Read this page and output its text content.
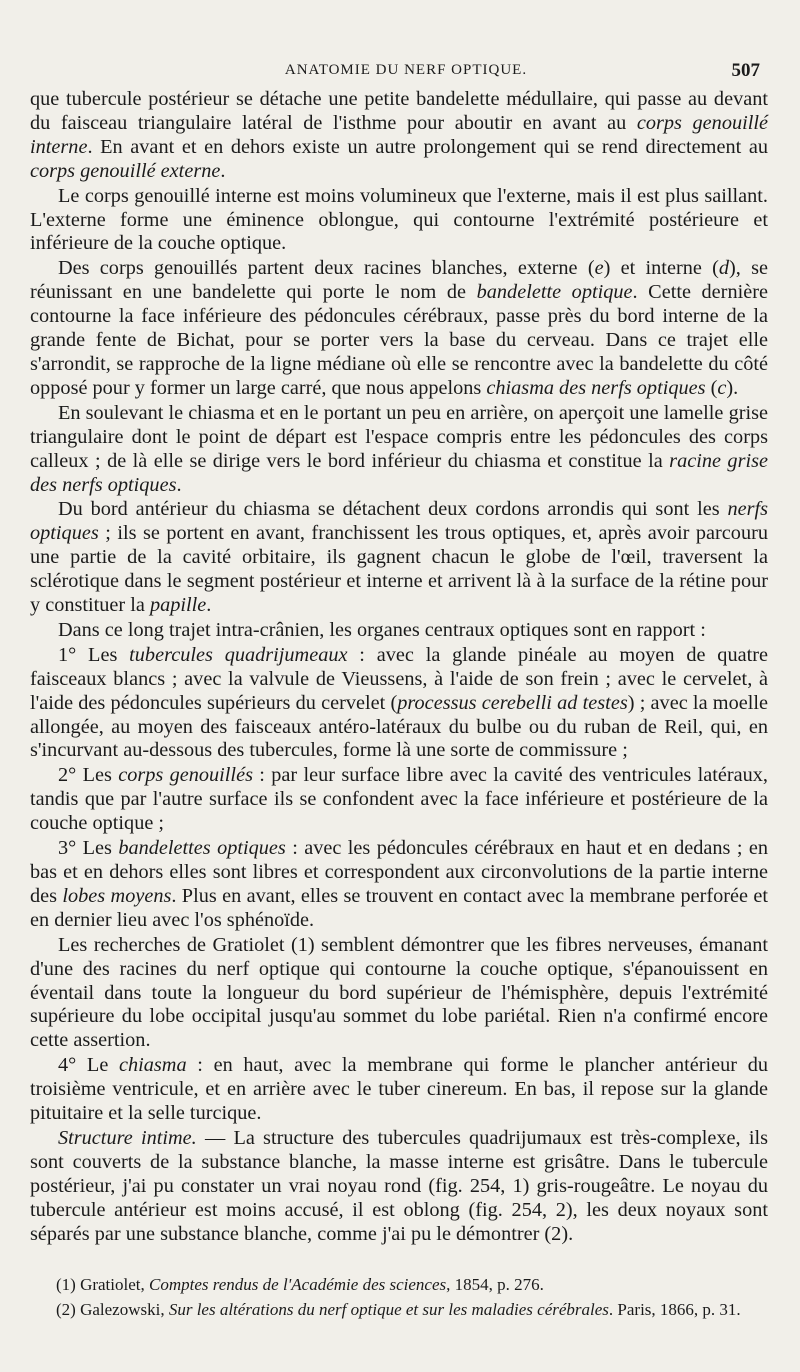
ANATOMIE DU NERF OPTIQUE.	507

que tubercule postérieur se détache une petite bandelette médullaire, qui passe au devant du faisceau triangulaire latéral de l'isthme pour aboutir en avant au corps genouillé interne. En avant et en dehors existe un autre prolongement qui se rend directement au corps genouillé externe.

Le corps genouillé interne est moins volumineux que l'externe, mais il est plus saillant. L'externe forme une éminence oblongue, qui contourne l'extrémité postérieure et inférieure de la couche optique.

Des corps genouillés partent deux racines blanches, externe (e) et interne (d), se réunissant en une bandelette qui porte le nom de bandelette optique. Cette dernière contourne la face inférieure des pédoncules cérébraux, passe près du bord interne de la grande fente de Bichat, pour se porter vers la base du cerveau. Dans ce trajet elle s'arrondit, se rapproche de la ligne médiane où elle se rencontre avec la bandelette du côté opposé pour y former un large carré, que nous appelons chiasma des nerfs optiques (c).

En soulevant le chiasma et en le portant un peu en arrière, on aperçoit une lamelle grise triangulaire dont le point de départ est l'espace compris entre les pédoncules des corps calleux ; de là elle se dirige vers le bord inférieur du chiasma et constitue la racine grise des nerfs optiques.

Du bord antérieur du chiasma se détachent deux cordons arrondis qui sont les nerfs optiques ; ils se portent en avant, franchissent les trous optiques, et, après avoir parcouru une partie de la cavité orbitaire, ils gagnent chacun le globe de l'œil, traversent la sclérotique dans le segment postérieur et interne et arrivent là à la surface de la rétine pour y constituer la papille.

Dans ce long trajet intra-crânien, les organes centraux optiques sont en rapport :

1° Les tubercules quadrijumeaux : avec la glande pinéale au moyen de quatre faisceaux blancs ; avec la valvule de Vieussens, à l'aide de son frein ; avec le cervelet, à l'aide des pédoncules supérieurs du cervelet (processus cerebelli ad testes) ; avec la moelle allongée, au moyen des faisceaux antéro-latéraux du bulbe ou du ruban de Reil, qui, en s'incurvant au-dessous des tubercules, forme là une sorte de commissure ;

2° Les corps genouillés : par leur surface libre avec la cavité des ventricules latéraux, tandis que par l'autre surface ils se confondent avec la face inférieure et postérieure de la couche optique ;

3° Les bandelettes optiques : avec les pédoncules cérébraux en haut et en dedans ; en bas et en dehors elles sont libres et correspondent aux circonvolutions de la partie interne des lobes moyens. Plus en avant, elles se trouvent en contact avec la membrane perforée et en dernier lieu avec l'os sphénoïde.

Les recherches de Gratiolet (1) semblent démontrer que les fibres nerveuses, émanant d'une des racines du nerf optique qui contourne la couche optique, s'épanouissent en éventail dans toute la longueur du bord supérieur de l'hémisphère, depuis l'extrémité supérieure du lobe occipital jusqu'au sommet du lobe pariétal. Rien n'a confirmé encore cette assertion.

4° Le chiasma : en haut, avec la membrane qui forme le plancher antérieur du troisième ventricule, et en arrière avec le tuber cinereum. En bas, il repose sur la glande pituitaire et la selle turcique.

Structure intime. — La structure des tubercules quadrijumaux est très-complexe, ils sont couverts de la substance blanche, la masse interne est grisâtre. Dans le tubercule postérieur, j'ai pu constater un vrai noyau rond (fig. 254, 1) gris-rougeâtre. Le noyau du tubercule antérieur est moins accusé, il est oblong (fig. 254, 2), les deux noyaux sont séparés par une substance blanche, comme j'ai pu le démontrer (2).

(1) Gratiolet, Comptes rendus de l'Académie des sciences, 1854, p. 276.

(2) Galezowski, Sur les altérations du nerf optique et sur les maladies cérébrales. Paris, 1866, p. 31.
